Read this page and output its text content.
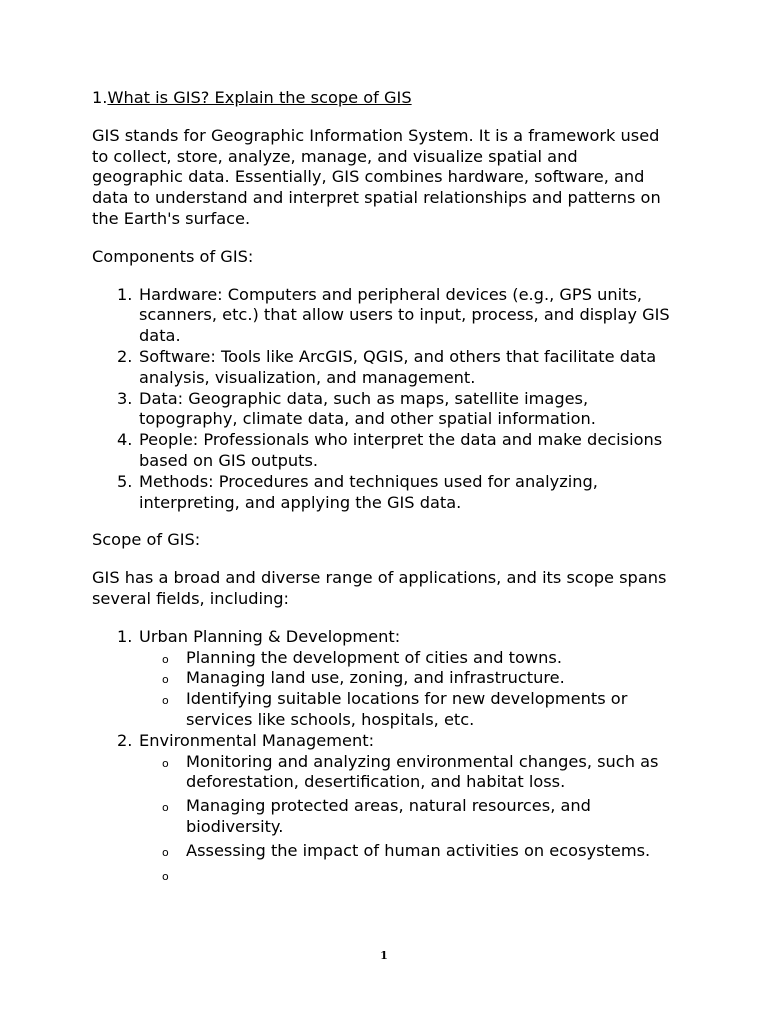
1.What is GIS? Explain the scope of GIS

GIS stands for Geographic Information System. It is a framework used to collect, store, analyze, manage, and visualize spatial and geographic data. Essentially, GIS combines hardware, software, and data to understand and interpret spatial relationships and patterns on the Earth's surface.

Components of GIS:
1. Hardware: Computers and peripheral devices (e.g., GPS units, scanners, etc.) that allow users to input, process, and display GIS data.
2. Software: Tools like ArcGIS, QGIS, and others that facilitate data analysis, visualization, and management.
3. Data: Geographic data, such as maps, satellite images, topography, climate data, and other spatial information.
4. People: Professionals who interpret the data and make decisions based on GIS outputs.
5. Methods: Procedures and techniques used for analyzing, interpreting, and applying the GIS data.
Scope of GIS:

GIS has a broad and diverse range of applications, and its scope spans several fields, including:

1. Urban Planning & Development:
o Planning the development of cities and towns.
o Managing land use, zoning, and infrastructure.
o Identifying suitable locations for new developments or services like schools, hospitals, etc.
2. Environmental Management:
o Monitoring and analyzing environmental changes, such as deforestation, desertification, and habitat loss.
o Managing protected areas, natural resources, and biodiversity.
o Assessing the impact of human activities on ecosystems.
o
1
